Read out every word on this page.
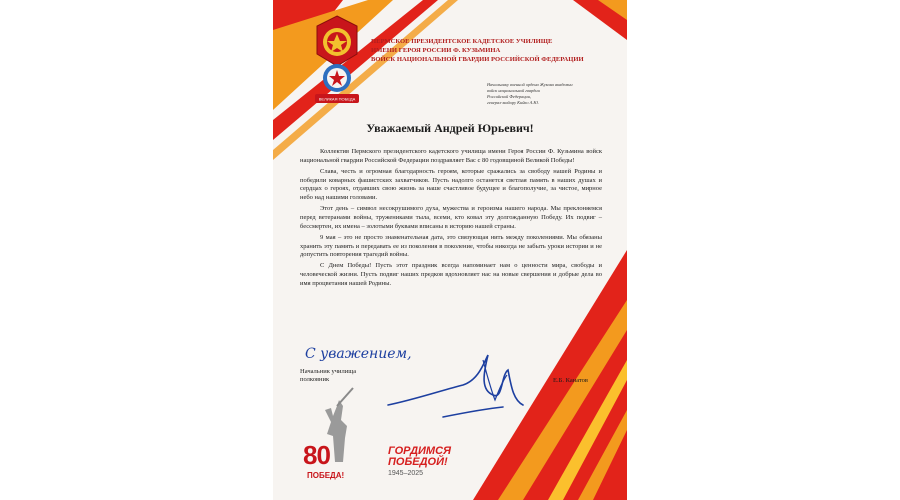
ВЕЛИКАЯ ПОБЕДА
ПЕРМСКОЕ ПРЕЗИДЕНТСКОЕ КАДЕТСКОЕ УЧИЛИЩЕ
ИМЕНИ ГЕРОЯ РОССИИ Ф. КУЗЬМИНА
ВОЙСК НАЦИОНАЛЬНОЙ ГВАРДИИ РОССИЙСКОЙ ФЕДЕРАЦИИ
Начальнику военной ордена Жукова академии
войск национальной гвардии
Российской Федерации,
генерал-майору Кийко А.Ю.
Уважаемый Андрей Юрьевич!

Коллектив Пермского президентского кадетского училища имени Героя России Ф. Кузьмина войск национальной гвардии Российской Федерации поздравляет Вас с 80 годовщиной Великой Победы!

Слава, честь и огромная благодарность героям, которые сражались за свободу нашей Родины и победили коварных фашистских захватчиков. Пусть надолго останется светлая память в наших душах и сердцах о героях, отдавших свою жизнь за наше счастливое будущее и благополучие, за чистое, мирное небо над нашими головами.

Этот день – символ несокрушимого духа, мужества и героизма нашего народа. Мы преклоняемся перед ветеранами войны, тружениками тыла, всеми, кто ковал эту долгожданную Победу. Их подвиг – бессмертен, их имена – золотыми буквами вписаны в историю нашей страны.

9 мая – это не просто знаменательная дата, это связующая нить между поколениями. Мы обязаны хранить эту память и передавать ее из поколения в поколение, чтобы никогда не забыть уроки истории и не допустить повторения трагедий войны.

С Днем Победы! Пусть этот праздник всегда напоминает нам о ценности мира, свободы и человеческой жизни. Пусть подвиг наших предков вдохновляет нас на новые свершения и добрые дела во имя процветания нашей Родины.

С уважением,
Начальник училища
полковник	Е.Б. Канатов
80
ПОБЕДА!
ГОРДИМСЯ
ПОБЕДОЙ!
1945–2025
